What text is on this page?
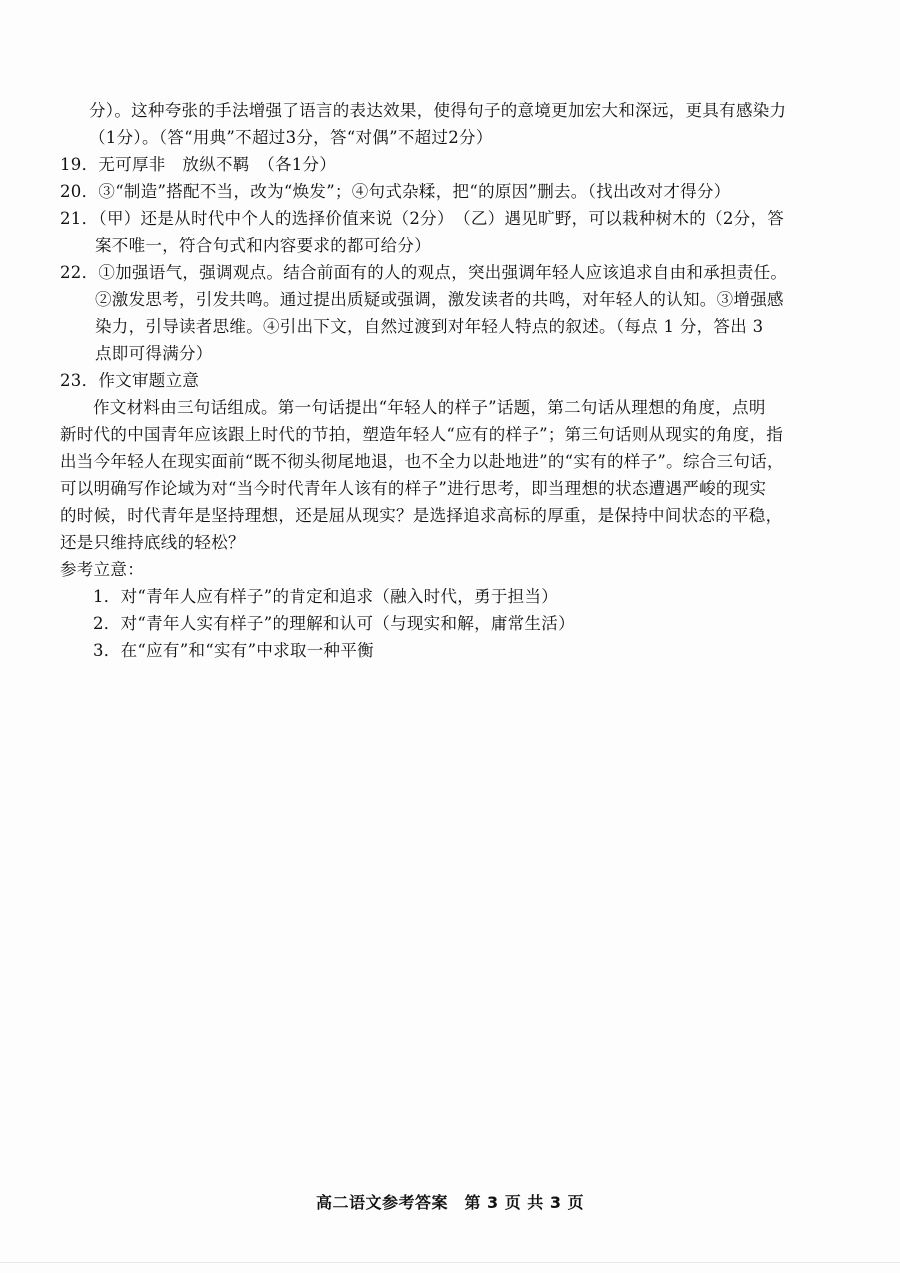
分）。这种夸张的手法增强了语言的表达效果，使得句子的意境更加宏大和深远，更具有感染力
（1分）。（答“用典”不超过3分，答“对偶”不超过2分）
19．无可厚非　放纵不羁　（各1分）
20．③“制造”搭配不当，改为“焕发”；④句式杂糅，把“的原因”删去。（找出改对才得分）
21．（甲）还是从时代中个人的选择价值来说（2分）　（乙）遇见旷野，可以栽种树木的（2分，答
案不唯一，符合句式和内容要求的都可给分）
22．①加强语气，强调观点。结合前面有的人的观点，突出强调年轻人应该追求自由和承担责任。
②激发思考，引发共鸣。通过提出质疑或强调，激发读者的共鸣，对年轻人的认知。③增强感
染力，引导读者思维。④引出下文，自然过渡到对年轻人特点的叙述。（每点 1 分，答出 3
点即可得满分）
23．作文审题立意
作文材料由三句话组成。第一句话提出“年轻人的样子”话题，第二句话从理想的角度，点明
新时代的中国青年应该跟上时代的节拍，塑造年轻人“应有的样子”；第三句话则从现实的角度，指
出当今年轻人在现实面前“既不彻头彻尾地退，也不全力以赴地进”的“实有的样子”。综合三句话，
可以明确写作论域为对“当今时代青年人该有的样子”进行思考，即当理想的状态遭遇严峻的现实
的时候，时代青年是坚持理想，还是屈从现实？是选择追求高标的厚重，是保持中间状态的平稳，
还是只维持底线的轻松？
参考立意：
1．对“青年人应有样子”的肯定和追求（融入时代，勇于担当）
2．对“青年人实有样子”的理解和认可（与现实和解，庸常生活）
3．在“应有”和“实有”中求取一种平衡
高二语文参考答案　第 3 页 共 3 页
